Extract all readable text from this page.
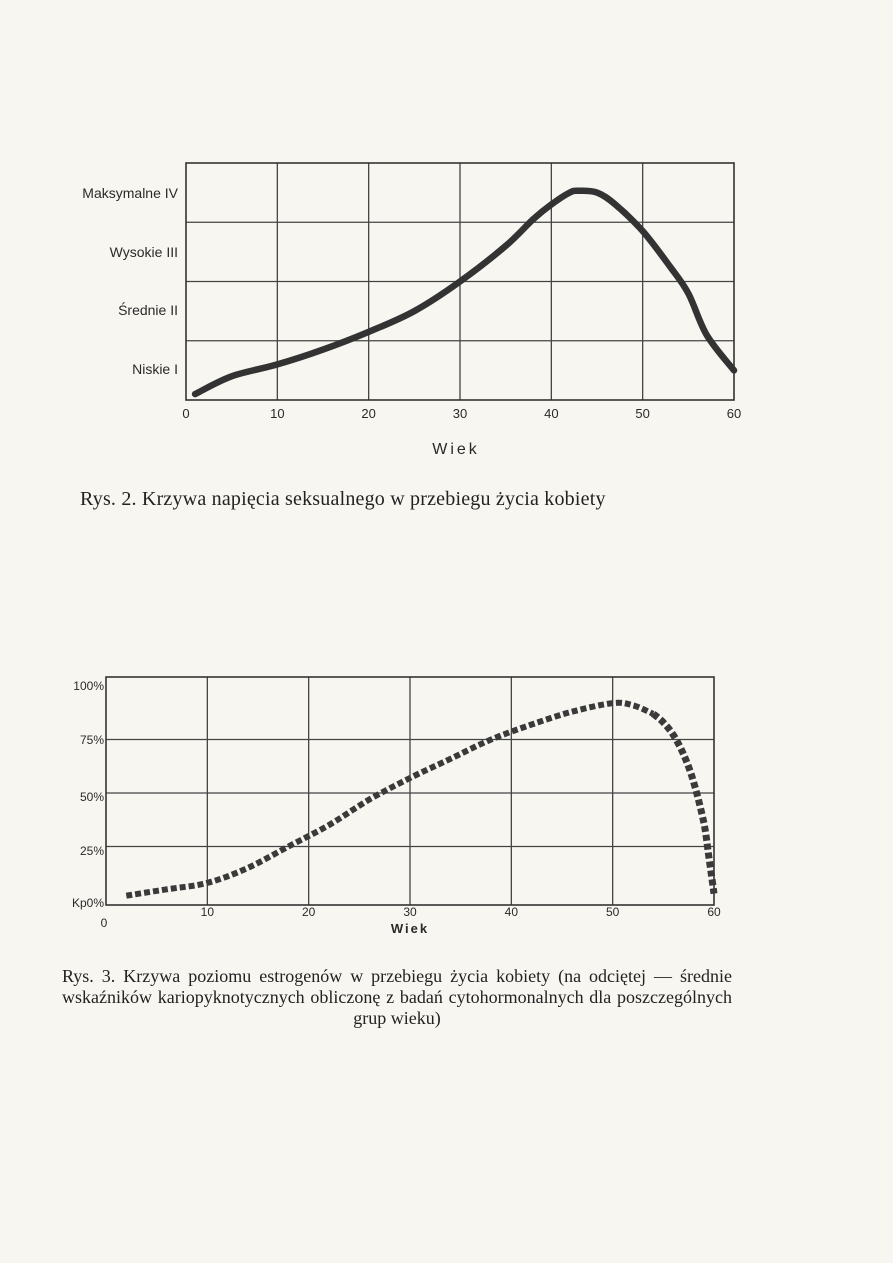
Maksymalne IV
Wysokie III
Średnie II
Niskie I
0	10	20	30	40	50	60
Wiek
100%
75%
50%
25%
Kp0%
0
10	20	30	40	50	60
Wiek

Rys. 2. Krzywa napięcia seksualnego w przebiegu życia kobiety

Rys. 3. Krzywa poziomu estrogenów w przebiegu życia kobiety (na odciętej — średnie wskaźników kariopyknotycznych obliczonę z badań cytohormonalnych dla poszczególnych grup wieku)
